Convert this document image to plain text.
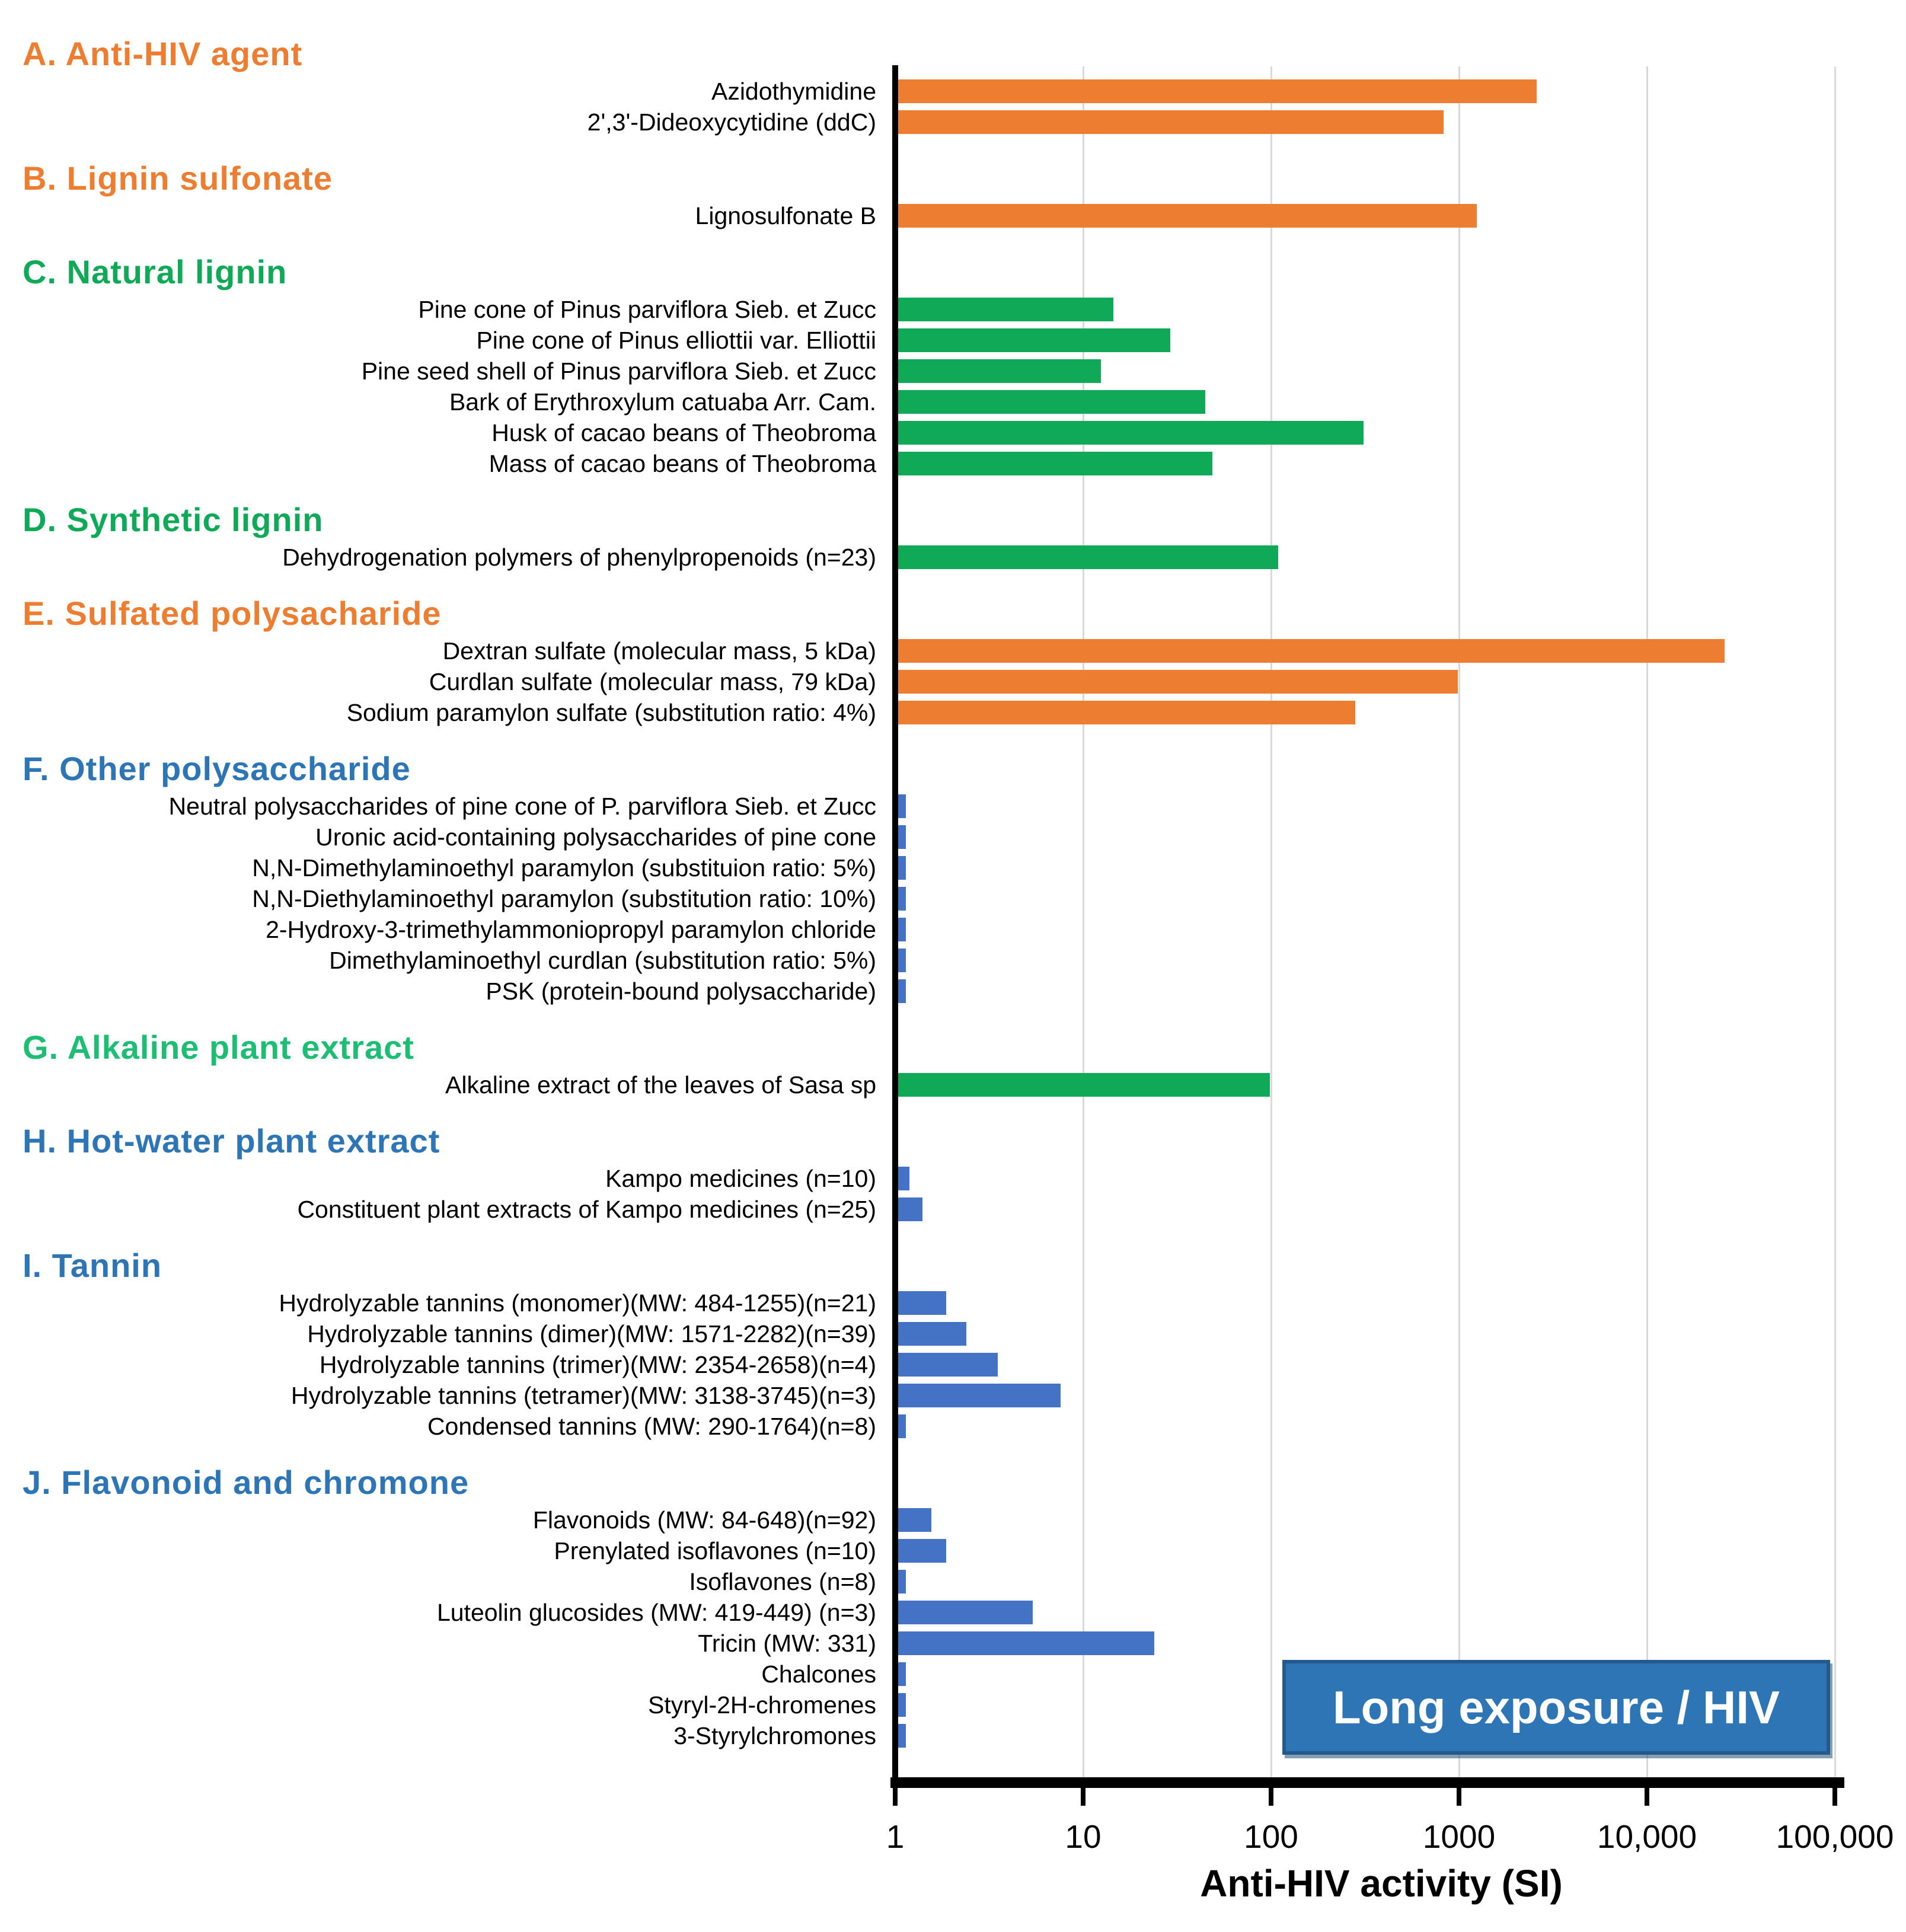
1	10	100	1000	10,000	100,000
A. Anti-HIV agent
Azidothymidine
2',3'-Dideoxycytidine (ddC)
B. Lignin sulfonate
Lignosulfonate B
C. Natural lignin
Pine cone of Pinus parviflora Sieb. et Zucc
Pine cone of Pinus elliottii var. Elliottii
Pine seed shell of Pinus parviflora Sieb. et Zucc
Bark of Erythroxylum catuaba Arr. Cam.
Husk of cacao beans of Theobroma
Mass of cacao beans of Theobroma
D. Synthetic lignin
Dehydrogenation polymers of phenylpropenoids (n=23)
E. Sulfated polysacharide
Dextran sulfate (molecular mass, 5 kDa)
Curdlan sulfate (molecular mass, 79 kDa)
Sodium paramylon sulfate (substitution ratio: 4%)
F. Other polysaccharide
Neutral polysaccharides of pine cone of P. parviflora Sieb. et Zucc
Uronic acid-containing polysaccharides of pine cone
N,N-Dimethylaminoethyl paramylon (substituion ratio: 5%)
N,N-Diethylaminoethyl paramylon (substitution ratio: 10%)
2-Hydroxy-3-trimethylammoniopropyl paramylon chloride
Dimethylaminoethyl curdlan (substitution ratio: 5%)
PSK (protein-bound polysaccharide)
G. Alkaline plant extract
Alkaline extract of the leaves of Sasa sp
H. Hot-water plant extract
Kampo medicines (n=10)
Constituent plant extracts of Kampo medicines (n=25)
I. Tannin
Hydrolyzable tannins (monomer)(MW: 484-1255)(n=21)
Hydrolyzable tannins (dimer)(MW: 1571-2282)(n=39)
Hydrolyzable tannins (trimer)(MW: 2354-2658)(n=4)
Hydrolyzable tannins (tetramer)(MW: 3138-3745)(n=3)
Condensed tannins (MW: 290-1764)(n=8)
J. Flavonoid and chromone
Flavonoids (MW: 84-648)(n=92)
Prenylated isoflavones (n=10)
Isoflavones (n=8)
Luteolin glucosides (MW: 419-449) (n=3)
Tricin (MW: 331)
Chalcones
Styryl-2H-chromenes
3-Styrylchromones
Long exposure / HIV
Anti-HIV activity (SI)
